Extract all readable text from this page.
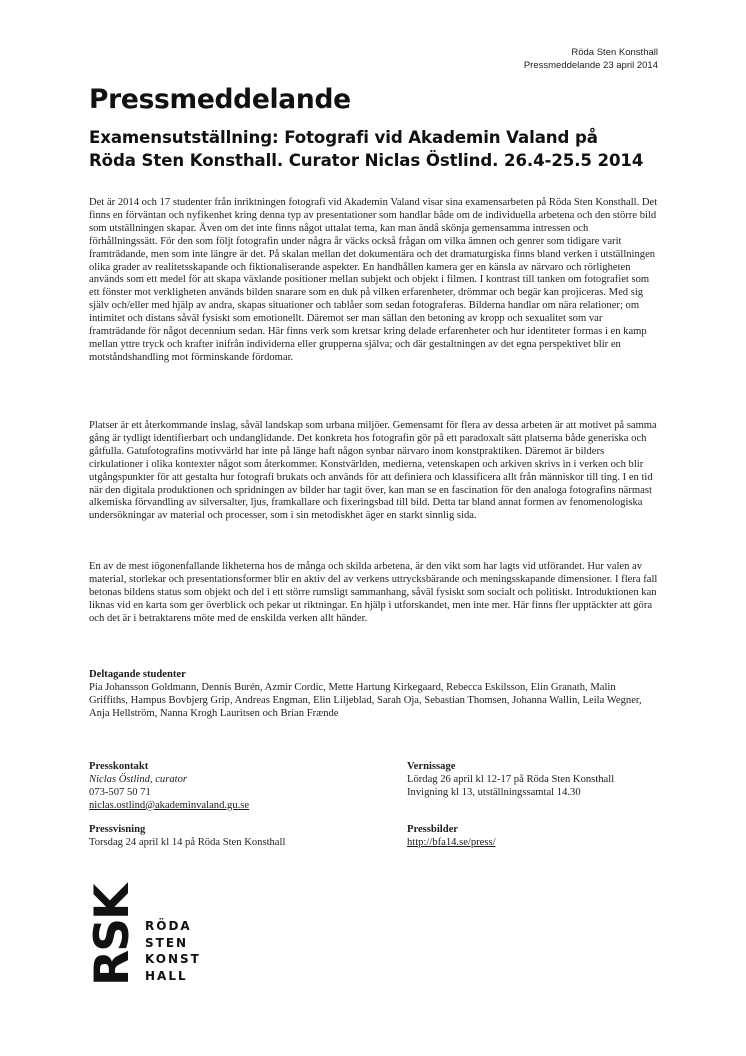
Röda Sten Konsthall
Pressmeddelande 23 april 2014
Pressmeddelande
Examensutställning: Fotografi vid Akademin Valand på Röda Sten Konsthall. Curator Niclas Östlind. 26.4-25.5 2014

Det är 2014 och 17 studenter från inriktningen fotografi vid Akademin Valand visar sina examensarbeten på Röda Sten Konsthall. Det finns en förväntan och nyfikenhet kring denna typ av presentationer som handlar både om de individuella arbetena och den större bild som utställningen skapar. Även om det inte finns något uttalat tema, kan man ändå skönja gemensamma intressen och förhållningssätt. För den som följt fotografin under några år väcks också frågan om vilka ämnen och genrer som tidigare varit framträdande, men som inte längre är det. På skalan mellan det dokumentära och det dramaturgiska finns bland verken i utställningen olika grader av realitetsskapande och fiktionaliserande aspekter. En handhållen kamera ger en känsla av närvaro och rörligheten används som ett medel för att skapa växlande positioner mellan subjekt och objekt i filmen. I kontrast till tanken om fotografiet som ett fönster mot verkligheten används bilden snarare som en duk på vilken erfarenheter, drömmar och begär kan projiceras. Med sig själv och/eller med hjälp av andra, skapas situationer och tablåer som sedan fotograferas. Bilderna handlar om nära relationer; om intimitet och distans såväl fysiskt som emotionellt. Däremot ser man sällan den betoning av kropp och sexualitet som var framträdande för något decennium sedan. Här finns verk som kretsar kring delade erfarenheter och hur identiteter formas i en kamp mellan yttre tryck och krafter inifrån individerna eller grupperna själva; och där gestaltningen av det egna perspektivet blir en motståndshandling mot förminskande fördomar.

Platser är ett återkommande inslag, såväl landskap som urbana miljöer. Gemensamt för flera av dessa arbeten är att motivet på samma gång är tydligt identifierbart och undanglidande. Det konkreta hos fotografin gör på ett paradoxalt sätt platserna både generiska och gåtfulla. Gatufotografins motivvärld har inte på länge haft någon synbar närvaro inom konstpraktiken. Däremot är bilders cirkulationer i olika kontexter något som återkommer. Konstvärlden, medierna, vetenskapen och arkiven skrivs in i verken och blir utgångspunkter för att gestalta hur fotografi brukats och används för att definiera och klassificera allt från människor till ting. I en tid när den digitala produktionen och spridningen av bilder har tagit över, kan man se en fascination för den analoga fotografins närmast alkemiska förvandling av silversalter, ljus, framkallare och fixeringsbad till bild. Detta tar bland annat formen av fenomenologiska undersökningar av material och processer, som i sin metodiskhet äger en starkt sinnlig sida.

En av de mest iögonenfallande likheterna hos de många och skilda arbetena, är den vikt som har lagts vid utförandet. Hur valen av material, storlekar och presentationsformer blir en aktiv del av verkens uttrycksbärande och meningsskapande dimensioner. I flera fall betonas bildens status som objekt och del i ett större rumsligt sammanhang, såväl fysiskt som socialt och politiskt. Introduktionen kan liknas vid en karta som ger överblick och pekar ut riktningar. En hjälp i utforskandet, men inte mer. Här finns fler upptäckter att göra och det är i betraktarens möte med de enskilda verken allt händer.

Deltagande studenter

Pia Johansson Goldmann, Dennis Burén, Azmir Cordic, Mette Hartung Kirkegaard, Rebecca Eskilsson, Elin Granath, Malin Griffiths, Hampus Bovbjerg Grip, Andreas Engman, Elin Liljeblad, Sarah Oja, Sebastian Thomsen, Johanna Wallin, Leila Wegner, Anja Hellström, Nanna Krogh Lauritsen och Brian Frænde

Presskontakt
Niclas Östlind, curator
073-507 50 71
niclas.ostlind@akademinvaland.gu.se
Pressvisning
Torsdag 24 april kl 14 på Röda Sten Konsthall
Vernissage
Lördag 26 april kl 12-17 på Röda Sten Konsthall
Invigning kl 13, utställningssamtal 14.30
Pressbilder
http://bfa14.se/press/
RSK RÖDA
STEN
KONST
HALL
